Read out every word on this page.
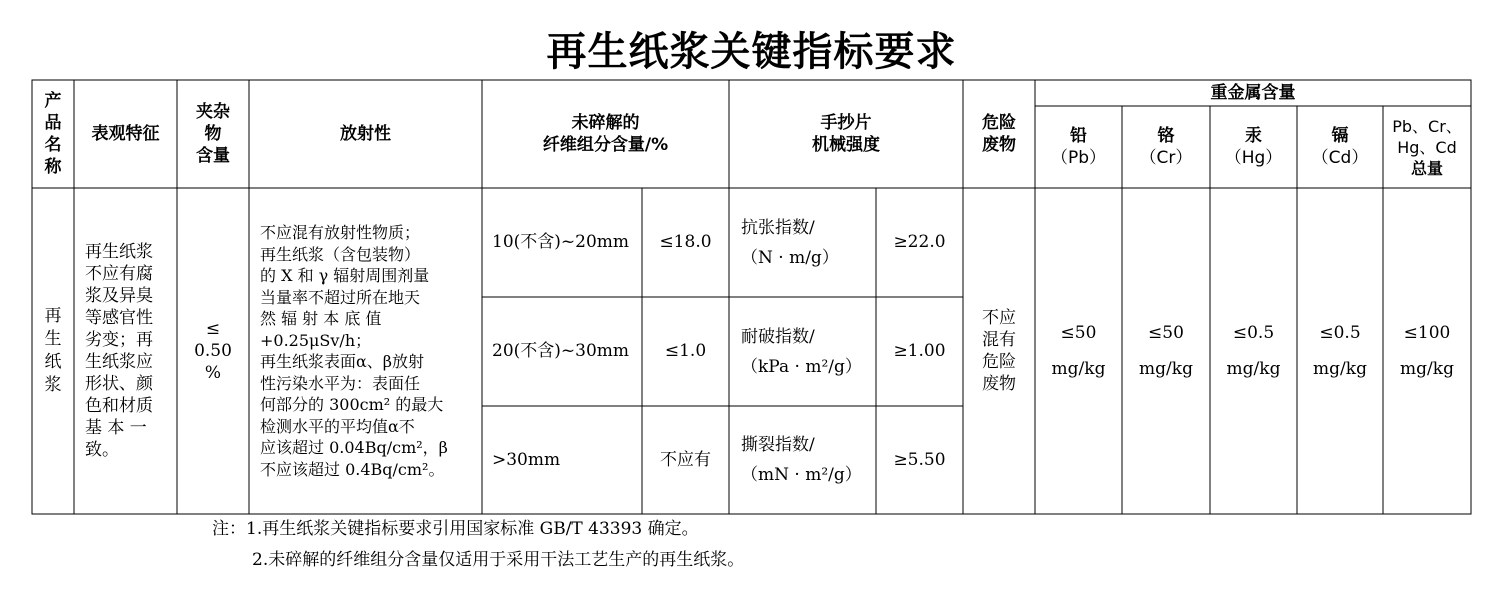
再生纸浆关键指标要求
产
品
名
称
表观特征
夹杂
物
含量
放射性
未碎解的
纤维组分含量/%
手抄片
机械强度
危险
废物
重金属含量
铅
（Pb）
铬
（Cr）
汞
（Hg）
镉
（Cd）
Pb、Cr、
Hg、Cd
总量
再
生
纸
浆
再生纸浆
不应有腐
浆及异臭
等感官性
劣变；再
生纸浆应
形状、颜
色和材质
基 本 一
致。
≤
0.50
%
不应混有放射性物质；
再生纸浆（含包装物）
的 X 和 γ 辐射周围剂量
当量率不超过所在地天
然 辐 射 本 底 值
+0.25μSv/h；
再生纸浆表面α、β放射
性污染水平为：表面任
何部分的 300cm² 的最大
检测水平的平均值α不
应该超过 0.04Bq/cm²，β
不应该超过 0.4Bq/cm²。
10(不含)~20mm ≤18.0
20(不含)~30mm ≤1.0
>30mm	不应有
抗张指数/
（N · m/g）
≥22.0
耐破指数/
（kPa · m²/g）
≥1.00
撕裂指数/
（mN · m²/g）
≥5.50
不应
混有
危险
废物
≤50
mg/kg
≤50
mg/kg
≤0.5
mg/kg
≤0.5
mg/kg
≤100
mg/kg
注：1.再生纸浆关键指标要求引用国家标准 GB/T 43393 确定。
2.未碎解的纤维组分含量仅适用于采用干法工艺生产的再生纸浆。
